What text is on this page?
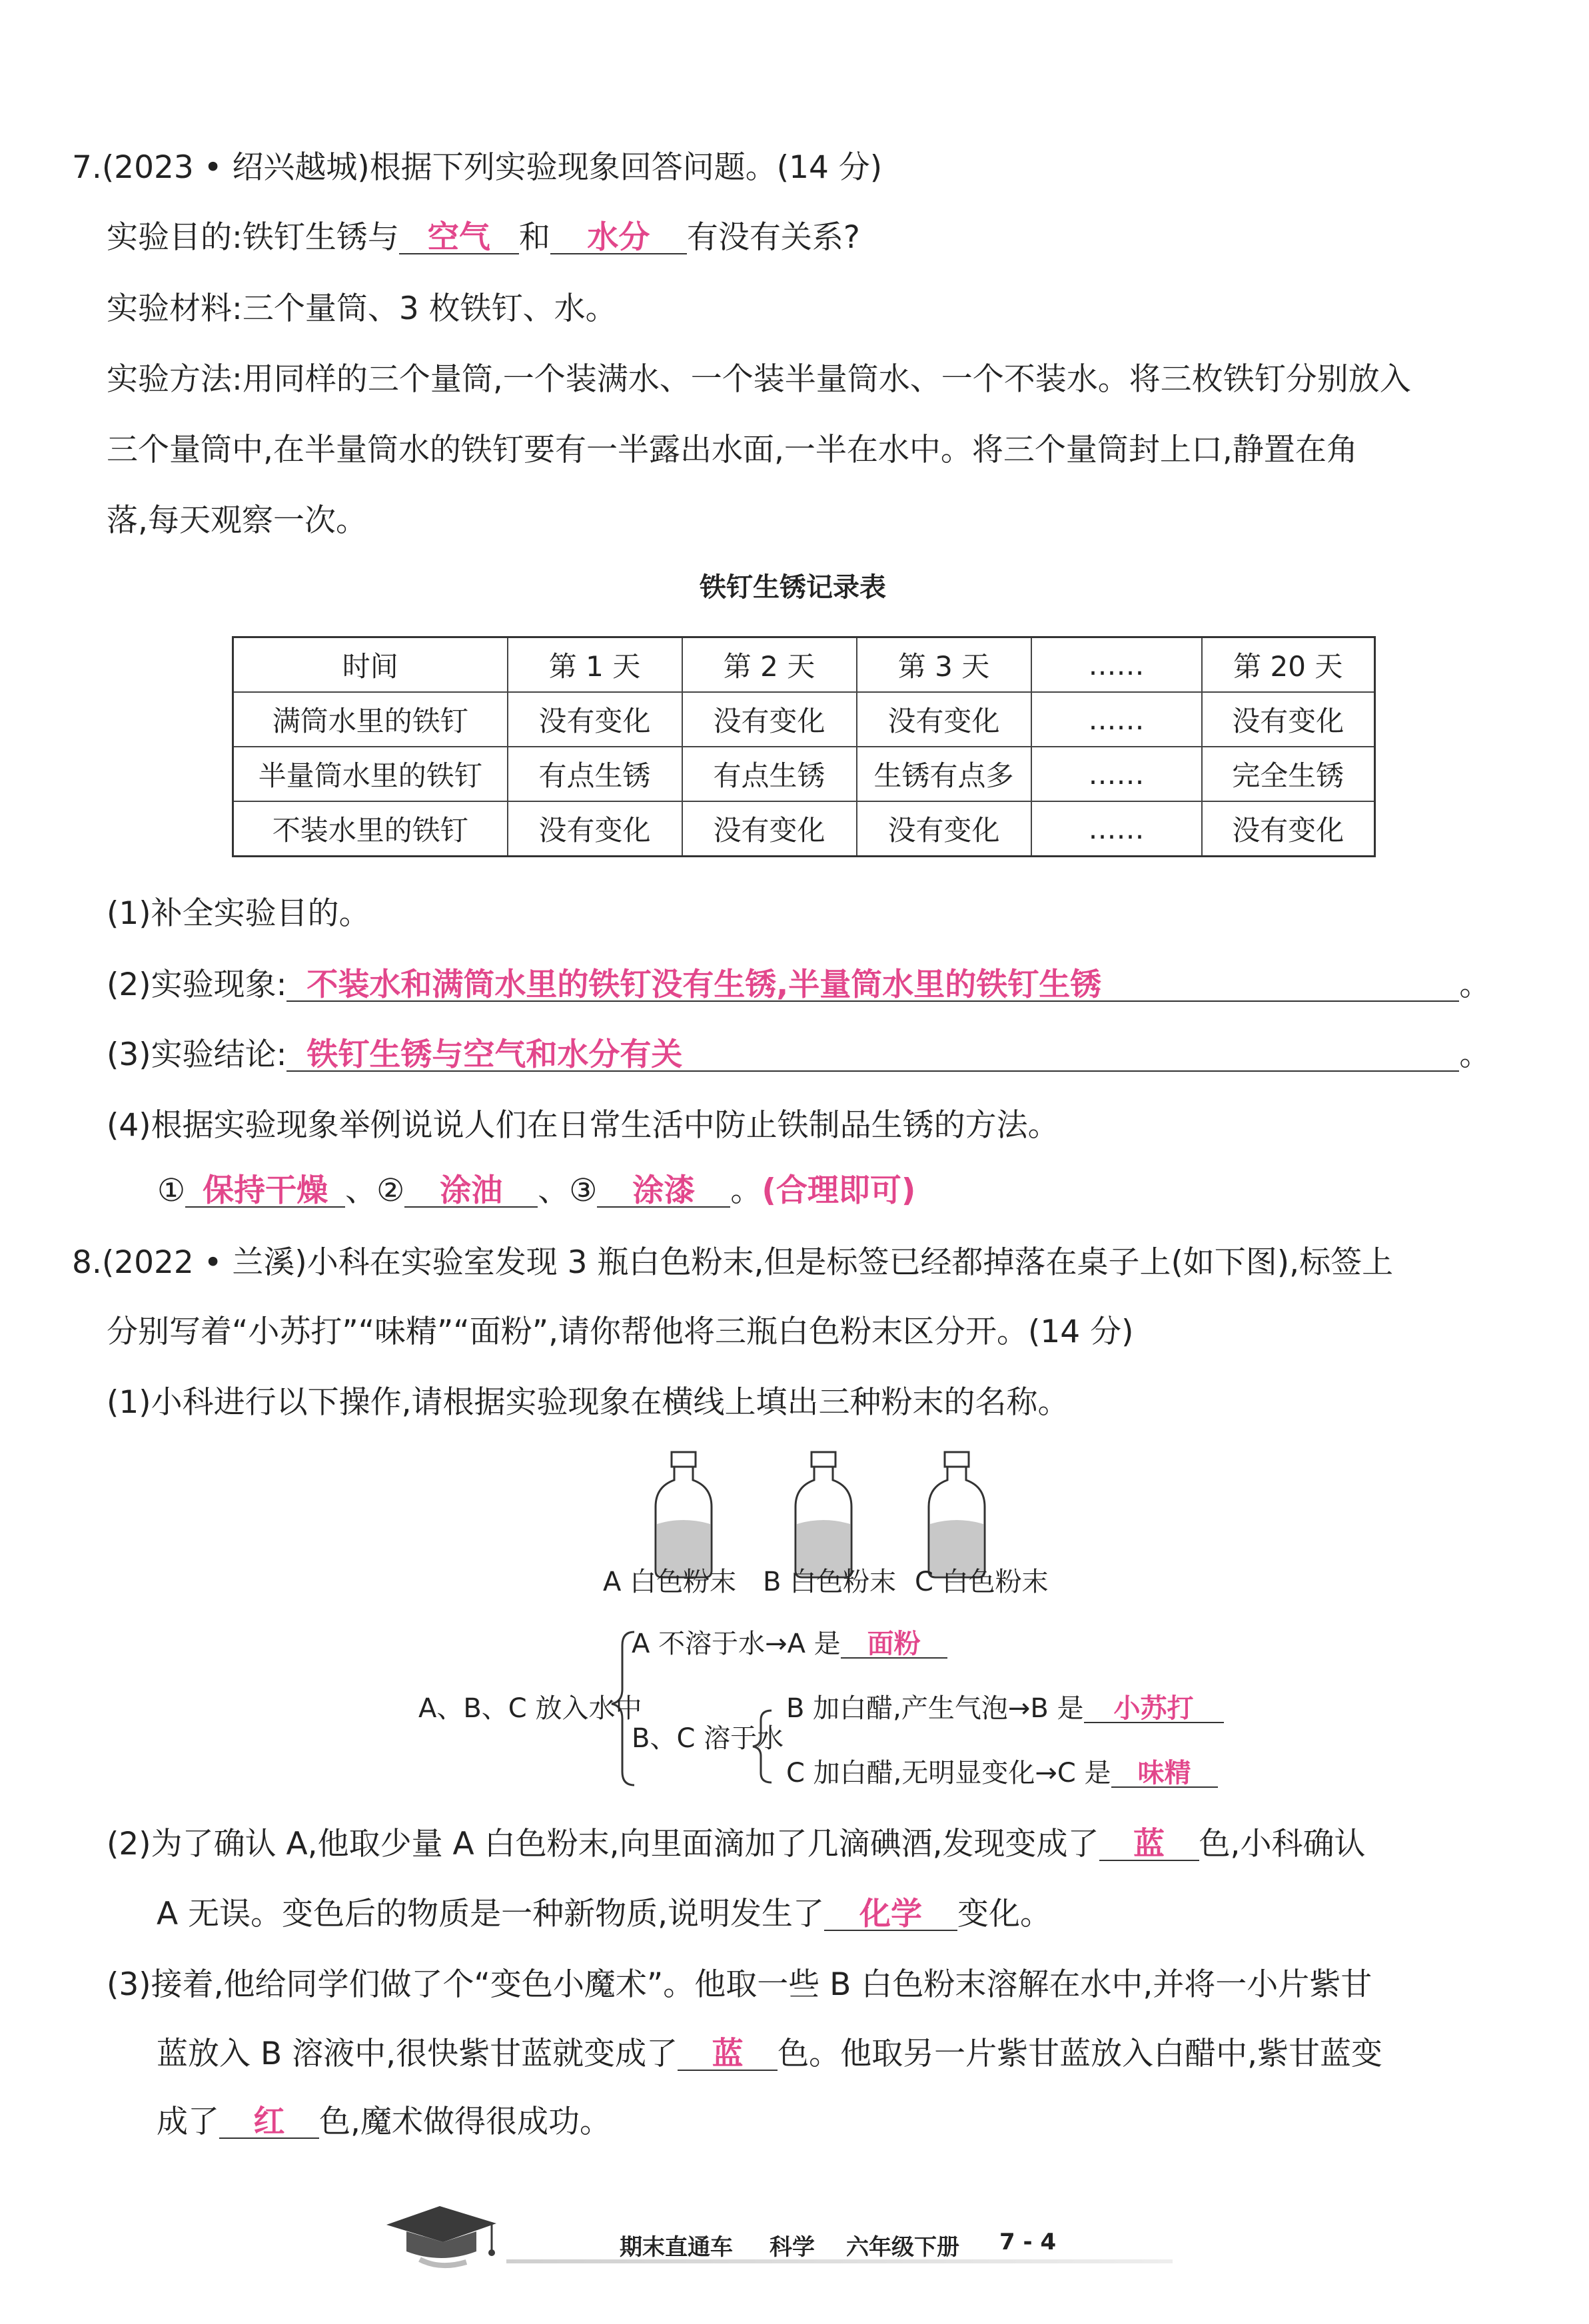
7.(2023 • 绍兴越城)根据下列实验现象回答问题。(14 分)
实验目的:铁钉生锈与 空气 和 水分 有没有关系?
实验材料:三个量筒、3 枚铁钉、水。
实验方法:用同样的三个量筒,一个装满水、一个装半量筒水、一个不装水。将三枚铁钉分别放入
三个量筒中,在半量筒水的铁钉要有一半露出水面,一半在水中。将三个量筒封上口,静置在角
落,每天观察一次。
铁钉生锈记录表
时间	第 1 天	第 2 天	第 3 天	……	第 20 天
满筒水里的铁钉	没有变化	没有变化	没有变化	……	没有变化
半量筒水里的铁钉	有点生锈	有点生锈	生锈有点多	……	完全生锈
不装水里的铁钉	没有变化	没有变化	没有变化	……	没有变化
(1)补全实验目的。
(2)实验现象: 不装水和满筒水里的铁钉没有生锈,半量筒水里的铁钉生锈	。
(3)实验结论: 铁钉生锈与空气和水分有关	。
(4)根据实验现象举例说说人们在日常生活中防止铁制品生锈的方法。
① 保持干燥 、② 涂油 、③ 涂漆 。(合理即可)
8.(2022 • 兰溪)小科在实验室发现 3 瓶白色粉末,但是标签已经都掉落在桌子上(如下图),标签上
分别写着“小苏打”“味精”“面粉”,请你帮他将三瓶白色粉末区分开。(14 分)
(1)小科进行以下操作,请根据实验现象在横线上填出三种粉末的名称。
A 白色粉末 B 白色粉末 C 白色粉末
A、B、C 放入水中
A 不溶于水→A 是 面粉
B、C 溶于水
B 加白醋,产生气泡→B 是 小苏打
C 加白醋,无明显变化→C 是 味精
(2)为了确认 A,他取少量 A 白色粉末,向里面滴加了几滴碘酒,发现变成了 蓝 色,小科确认
A 无误。变色后的物质是一种新物质,说明发生了 化学 变化。
(3)接着,他给同学们做了个“变色小魔术”。他取一些 B 白色粉末溶解在水中,并将一小片紫甘
蓝放入 B 溶液中,很快紫甘蓝就变成了 蓝 色。他取另一片紫甘蓝放入白醋中,紫甘蓝变
成了 红 色,魔术做得很成功。
期末直通车 科学 六年级下册 7 - 4
